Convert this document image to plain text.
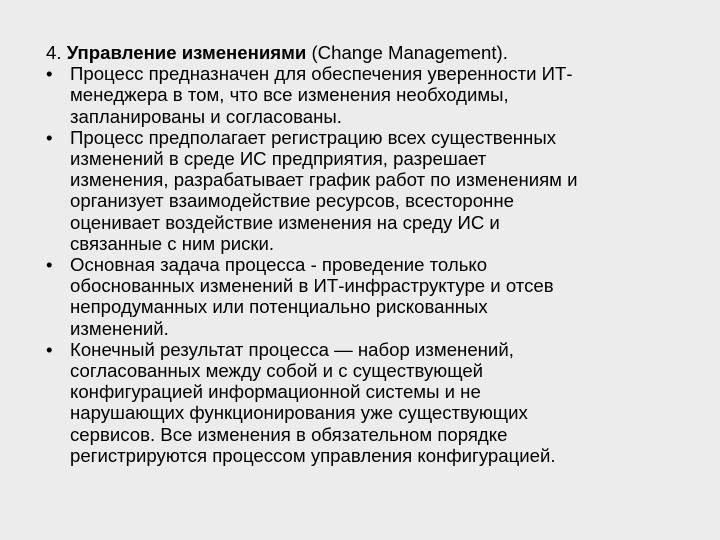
4. Управление изменениями (Change Management).

• Процесс предназначен для обеспечения уверенности ИТ-
менеджера в том, что все изменения необходимы,
запланированы и согласованы.
• Процесс предполагает регистрацию всех существенных
изменений в среде ИС предприятия, разрешает
изменения, разрабатывает график работ по изменениям и
организует взаимодействие ресурсов, всесторонне
оценивает воздействие изменения на среду ИС и
связанные с ним риски.
• Основная задача процесса - проведение только
обоснованных изменений в ИТ-инфраструктуре и отсев
непродуманных или потенциально рискованных
изменений.
• Конечный результат процесса — набор изменений,
согласованных между собой и с существующей
конфигурацией информационной системы и не
нарушающих функционирования уже существующих
сервисов. Все изменения в обязательном порядке
регистрируются процессом управления конфигурацией.
